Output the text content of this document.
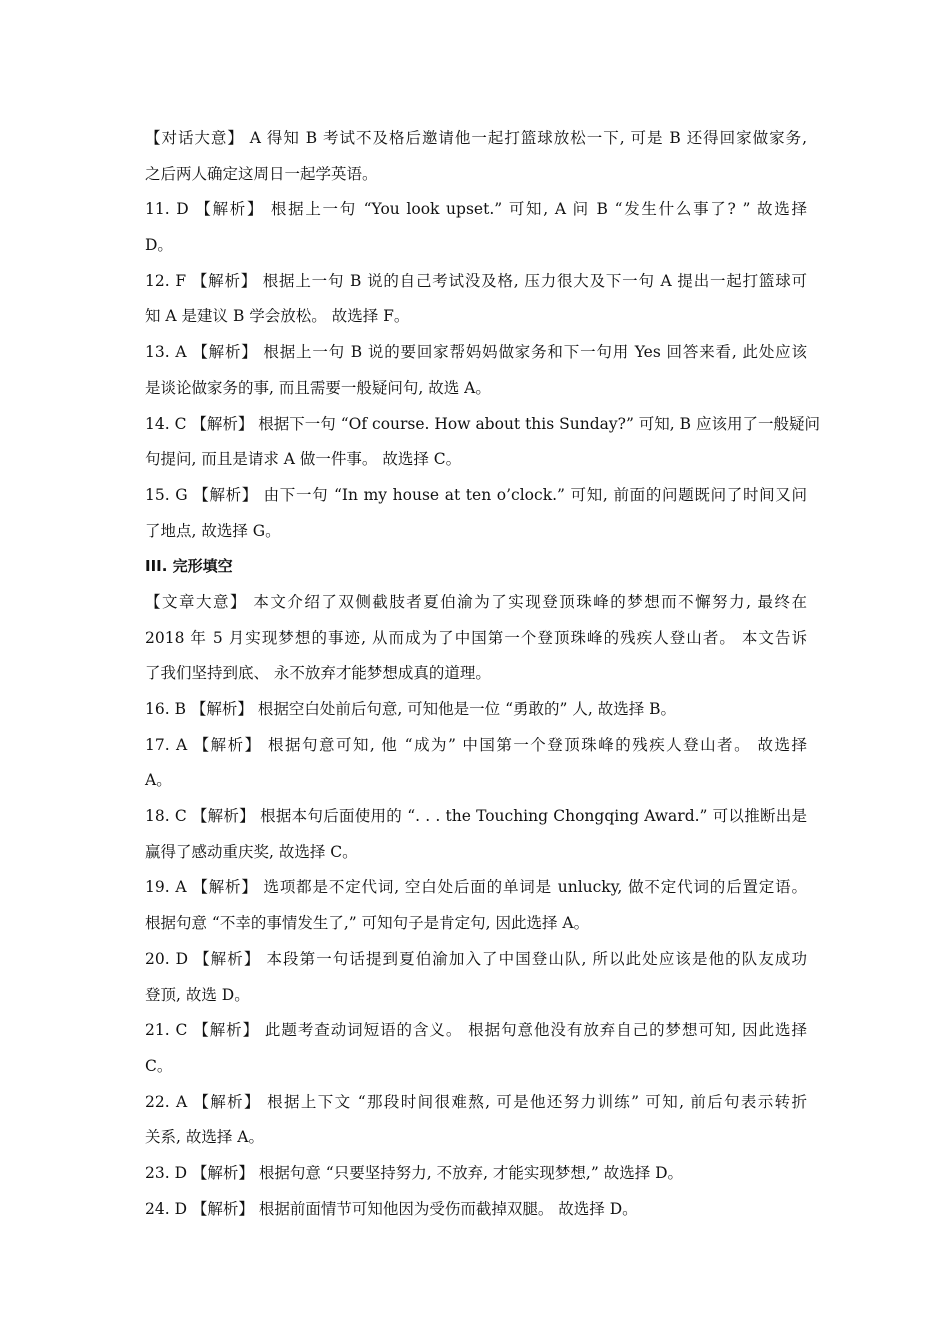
【对话大意】 A 得知 B 考试不及格后邀请他一起打篮球放松一下, 可是 B 还得回家做家务,
之后两人确定这周日一起学英语。
11. D 【解析】 根据上一句 “You look upset.” 可知, A 问 B “发生什么事了? ” 故选择
D。
12. F 【解析】 根据上一句 B 说的自己考试没及格, 压力很大及下一句 A 提出一起打篮球可
知 A 是建议 B 学会放松。 故选择 F。
13. A 【解析】 根据上一句 B 说的要回家帮妈妈做家务和下一句用 Yes 回答来看, 此处应该
是谈论做家务的事, 而且需要一般疑问句, 故选 A。
14. C 【解析】 根据下一句 “Of course. How about this Sunday?” 可知, B 应该用了一般疑问
句提问, 而且是请求 A 做一件事。 故选择 C。
15. G 【解析】 由下一句 “In my house at ten o’clock.” 可知, 前面的问题既问了时间又问
了地点, 故选择 G。
III. 完形填空
【文章大意】 本文介绍了双侧截肢者夏伯渝为了实现登顶珠峰的梦想而不懈努力, 最终在
2018 年 5 月实现梦想的事迹, 从而成为了中国第一个登顶珠峰的残疾人登山者。 本文告诉
了我们坚持到底、 永不放弃才能梦想成真的道理。
16. B 【解析】 根据空白处前后句意, 可知他是一位 “勇敢的” 人, 故选择 B。
17. A 【解析】 根据句意可知, 他 “成为” 中国第一个登顶珠峰的残疾人登山者。 故选择
A。
18. C 【解析】 根据本句后面使用的 “. . . the Touching Chongqing Award.” 可以推断出是
赢得了感动重庆奖, 故选择 C。
19. A 【解析】 选项都是不定代词, 空白处后面的单词是 unlucky, 做不定代词的后置定语。
根据句意 “不幸的事情发生了,” 可知句子是肯定句, 因此选择 A。
20. D 【解析】 本段第一句话提到夏伯渝加入了中国登山队, 所以此处应该是他的队友成功
登顶, 故选 D。
21. C 【解析】 此题考查动词短语的含义。 根据句意他没有放弃自己的梦想可知, 因此选择
C。
22. A 【解析】 根据上下文 “那段时间很难熬, 可是他还努力训练” 可知, 前后句表示转折
关系, 故选择 A。
23. D 【解析】 根据句意 “只要坚持努力, 不放弃, 才能实现梦想,” 故选择 D。
24. D 【解析】 根据前面情节可知他因为受伤而截掉双腿。 故选择 D。
